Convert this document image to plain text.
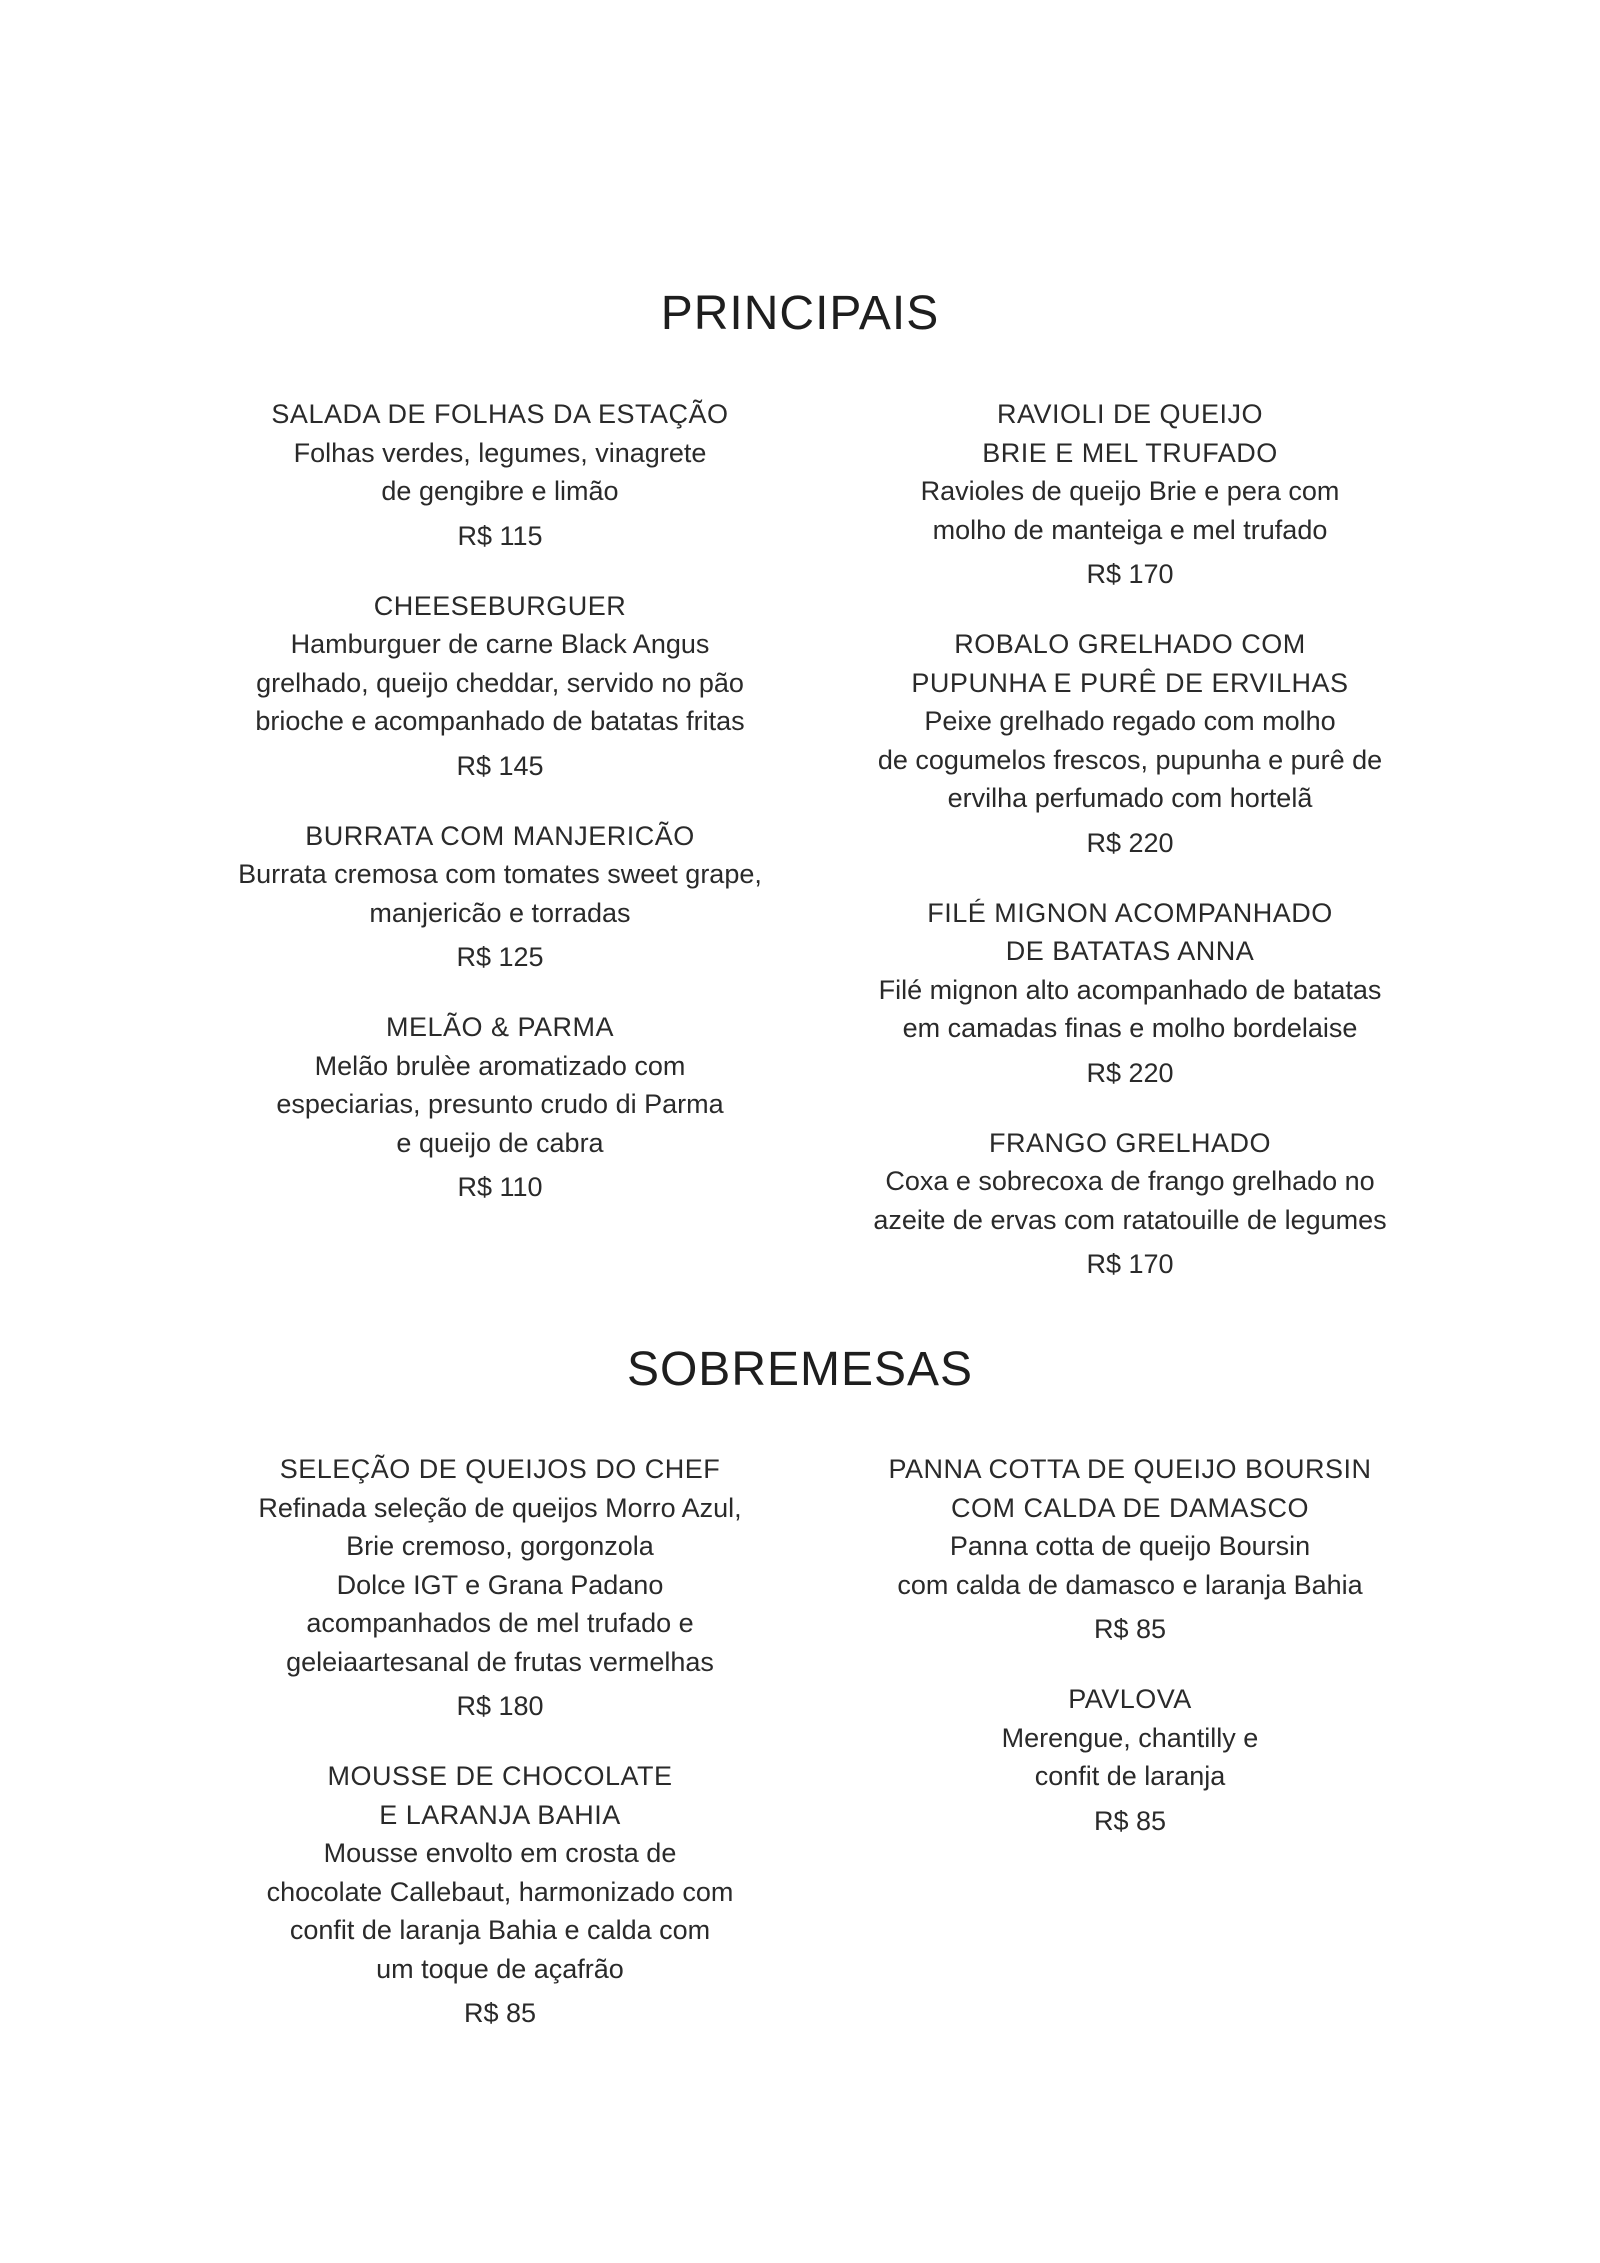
PRINCIPAIS
SALADA DE FOLHAS DA ESTAÇÃO
Folhas verdes, legumes, vinagrete
de gengibre e limão
R$ 115
CHEESEBURGUER
Hamburguer de carne Black Angus
grelhado, queijo cheddar, servido no pão
brioche e acompanhado de batatas fritas
R$ 145
BURRATA COM MANJERICÃO
Burrata cremosa com tomates sweet grape,
manjericão e torradas
R$ 125
MELÃO & PARMA
Melão brulèe aromatizado com
especiarias, presunto crudo di Parma
e queijo de cabra
R$ 110
RAVIOLI DE QUEIJO
BRIE E MEL TRUFADO
Ravioles de queijo Brie e pera com
molho de manteiga e mel trufado
R$ 170
ROBALO GRELHADO COM
PUPUNHA E PURÊ DE ERVILHAS
Peixe grelhado regado com molho
de cogumelos frescos, pupunha e purê de
ervilha perfumado com hortelã
R$ 220
FILÉ MIGNON ACOMPANHADO
DE BATATAS ANNA
Filé mignon alto acompanhado de batatas
em camadas finas e molho bordelaise
R$ 220
FRANGO GRELHADO
Coxa e sobrecoxa de frango grelhado no
azeite de ervas com ratatouille de legumes
R$ 170
SOBREMESAS
SELEÇÃO DE QUEIJOS DO CHEF
Refinada seleção de queijos Morro Azul,
Brie cremoso, gorgonzola
Dolce IGT e Grana Padano
acompanhados de mel trufado e
geleiaartesanal de frutas vermelhas
R$ 180
MOUSSE DE CHOCOLATE
E LARANJA BAHIA
Mousse envolto em crosta de
chocolate Callebaut, harmonizado com
confit de laranja Bahia e calda com
um toque de açafrão
R$ 85
PANNA COTTA DE QUEIJO BOURSIN
COM CALDA DE DAMASCO
Panna cotta de queijo Boursin
com calda de damasco e laranja Bahia
R$ 85
PAVLOVA
Merengue, chantilly e
confit de laranja
R$ 85
